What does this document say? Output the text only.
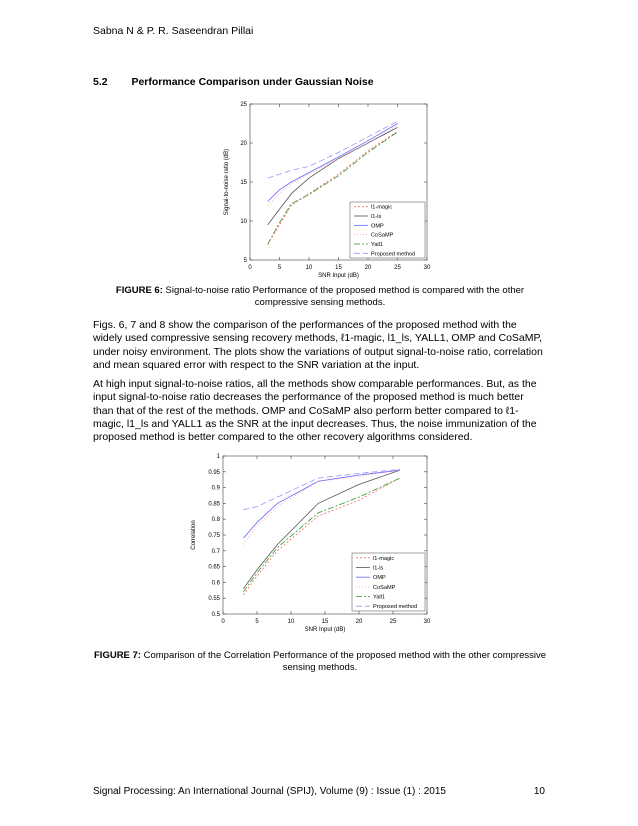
Sabna N & P. R. Saseendran Pillai
5.2 Performance Comparison under Gaussian Noise
0	5	10	15	20	25	30
5
10
15
20
25
SNR Input (dB)
Signal-to-noise ratio (dB)	l1-magic
l1-ls
OMP
CoSaMP
Yall1
Proposed method
FIGURE 6: Signal-to-noise ratio Performance of the proposed method is compared with the other
compressive sensing methods.
Figs. 6, 7 and 8 show the comparison of the performances of the proposed method with the
widely used compressive sensing recovery methods, ℓ1-magic, l1_ls, YALL1, OMP and CoSaMP,
under noisy environment. The plots show the variations of output signal-to-noise ratio, correlation
and mean squared error with respect to the SNR variation at the input.
At high input signal-to-noise ratios, all the methods show comparable performances. But, as the
input signal-to-noise ratio decreases the performance of the proposed method is much better
than that of the rest of the methods. OMP and CoSaMP also perform better compared to ℓ1-
magic, l1_ls and YALL1 as the SNR at the input decreases. Thus, the noise immunization of the
proposed method is better compared to the other recovery algorithms considered.
0	5	10	15	20	25	30
0.5
0.55
0.6
0.65
0.7
0.75
0.8
0.85
0.9
0.95
1
SNR Input (dB)
Correlation
l1-magic
l1-ls
OMP
CoSaMP
Yall1
Proposed method
FIGURE 7: Comparison of the Correlation Performance of the proposed method with the other compressive
sensing methods.
Signal Processing: An International Journal (SPIJ), Volume (9) : Issue (1) : 2015	10
